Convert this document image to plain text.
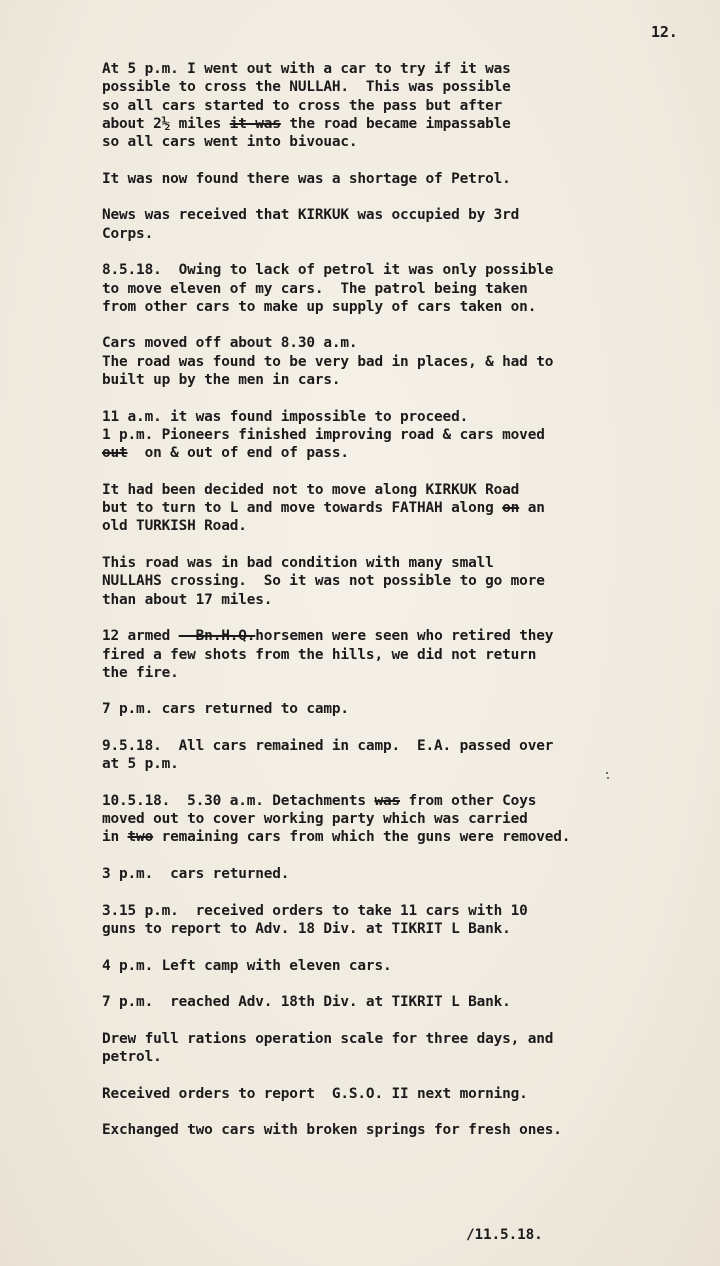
12.
At 5 p.m. I went out with a car to try if it was
possible to cross the NULLAH.  This was possible
so all cars started to cross the pass but after
about 2½ miles it was the road became impassable
so all cars went into bivouac.
It was now found there was a shortage of Petrol.
News was received that KIRKUK was occupied by 3rd
Corps.
8.5.18.  Owing to lack of petrol it was only possible
to move eleven of my cars.  The patrol being taken
from other cars to make up supply of cars taken on.
Cars moved off about 8.30 a.m.
The road was found to be very bad in places, & had to
built up by the men in cars.
11 a.m. it was found impossible to proceed.
1 p.m. Pioneers finished improving road & cars moved
out  on & out of end of pass.
It had been decided not to move along KIRKUK Road
but to turn to L and move towards FATHAH along on an
old TURKISH Road.
This road was in bad condition with many small
NULLAHS crossing.  So it was not possible to go more
than about 17 miles.
12 armed --Bn.H.Q.horsemen were seen who retired they
fired a few shots from the hills, we did not return
the fire.
7 p.m. cars returned to camp.
9.5.18.  All cars remained in camp.  E.A. passed over
at 5 p.m.
10.5.18.  5.30 a.m. Detachments was from other Coys
moved out to cover working party which was carried
in two remaining cars from which the guns were removed.
3 p.m.  cars returned.
3.15 p.m.  received orders to take 11 cars with 10
guns to report to Adv. 18 Div. at TIKRIT L Bank.
4 p.m. Left camp with eleven cars.
7 p.m.  reached Adv. 18th Div. at TIKRIT L Bank.
Drew full rations operation scale for three days, and
petrol.
Received orders to report  G.S.O. II next morning.
Exchanged two cars with broken springs for fresh ones.
/11.5.18.
